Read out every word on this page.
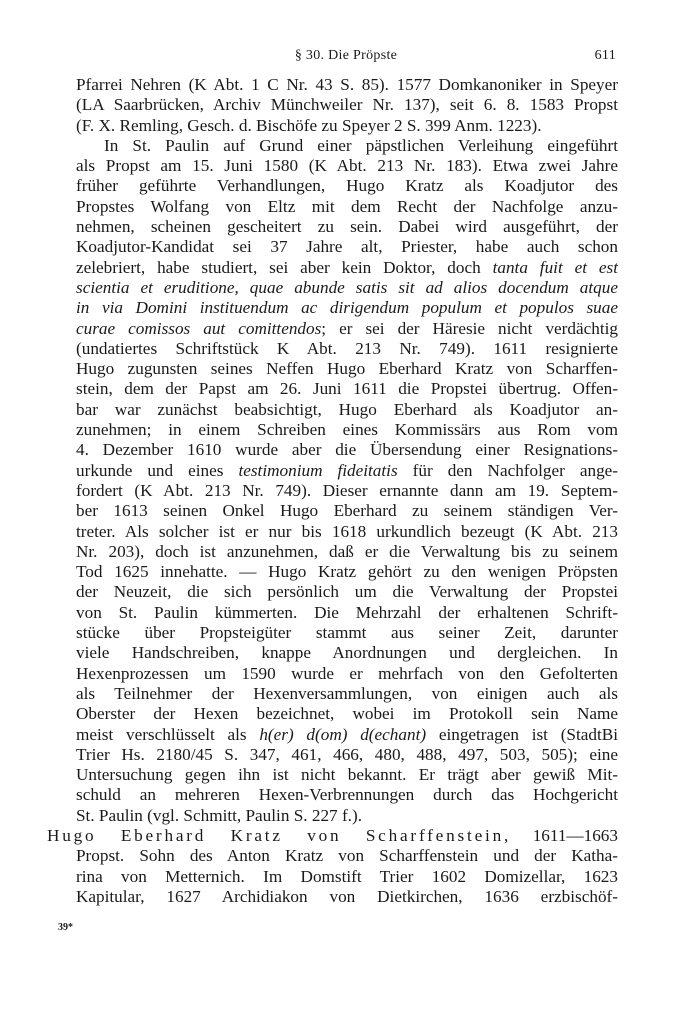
§ 30. Die Pröpste	611
Pfarrei Nehren (K Abt. 1 C Nr. 43 S. 85). 1577 Domkanoniker in Speyer
(LA Saarbrücken, Archiv Münchweiler Nr. 137), seit 6. 8. 1583 Propst
(F. X. Remling, Gesch. d. Bischöfe zu Speyer 2 S. 399 Anm. 1223).
In St. Paulin auf Grund einer päpstlichen Verleihung eingeführt
als Propst am 15. Juni 1580 (K Abt. 213 Nr. 183). Etwa zwei Jahre
früher geführte Verhandlungen, Hugo Kratz als Koadjutor des
Propstes Wolfang von Eltz mit dem Recht der Nachfolge anzu-
nehmen, scheinen gescheitert zu sein. Dabei wird ausgeführt, der
Koadjutor-Kandidat sei 37 Jahre alt, Priester, habe auch schon
zelebriert, habe studiert, sei aber kein Doktor, doch tanta fuit et est
scientia et eruditione, quae abunde satis sit ad alios docendum atque
in via Domini instituendum ac dirigendum populum et populos suae
curae comissos aut comittendos; er sei der Häresie nicht verdächtig
(undatiertes Schriftstück K Abt. 213 Nr. 749). 1611 resignierte
Hugo zugunsten seines Neffen Hugo Eberhard Kratz von Scharffen-
stein, dem der Papst am 26. Juni 1611 die Propstei übertrug. Offen-
bar war zunächst beabsichtigt, Hugo Eberhard als Koadjutor an-
zunehmen; in einem Schreiben eines Kommissärs aus Rom vom
4. Dezember 1610 wurde aber die Übersendung einer Resignations-
urkunde und eines testimonium fideitatis für den Nachfolger ange-
fordert (K Abt. 213 Nr. 749). Dieser ernannte dann am 19. Septem-
ber 1613 seinen Onkel Hugo Eberhard zu seinem ständigen Ver-
treter. Als solcher ist er nur bis 1618 urkundlich bezeugt (K Abt. 213
Nr. 203), doch ist anzunehmen, daß er die Verwaltung bis zu seinem
Tod 1625 innehatte. — Hugo Kratz gehört zu den wenigen Pröpsten
der Neuzeit, die sich persönlich um die Verwaltung der Propstei
von St. Paulin kümmerten. Die Mehrzahl der erhaltenen Schrift-
stücke über Propsteigüter stammt aus seiner Zeit, darunter
viele Handschreiben, knappe Anordnungen und dergleichen. In
Hexenprozessen um 1590 wurde er mehrfach von den Gefolterten
als Teilnehmer der Hexenversammlungen, von einigen auch als
Oberster der Hexen bezeichnet, wobei im Protokoll sein Name
meist verschlüsselt als h(er) d(om) d(echant) eingetragen ist (StadtBi
Trier Hs. 2180/45 S. 347, 461, 466, 480, 488, 497, 503, 505); eine
Untersuchung gegen ihn ist nicht bekannt. Er trägt aber gewiß Mit-
schuld an mehreren Hexen-Verbrennungen durch das Hochgericht
St. Paulin (vgl. Schmitt, Paulin S. 227 f.).
Hugo Eberhard Kratz von Scharffenstein, 1611—1663
Propst. Sohn des Anton Kratz von Scharffenstein und der Katha-
rina von Metternich. Im Domstift Trier 1602 Domizellar, 1623
Kapitular, 1627 Archidiakon von Dietkirchen, 1636 erzbischöf-
39*
